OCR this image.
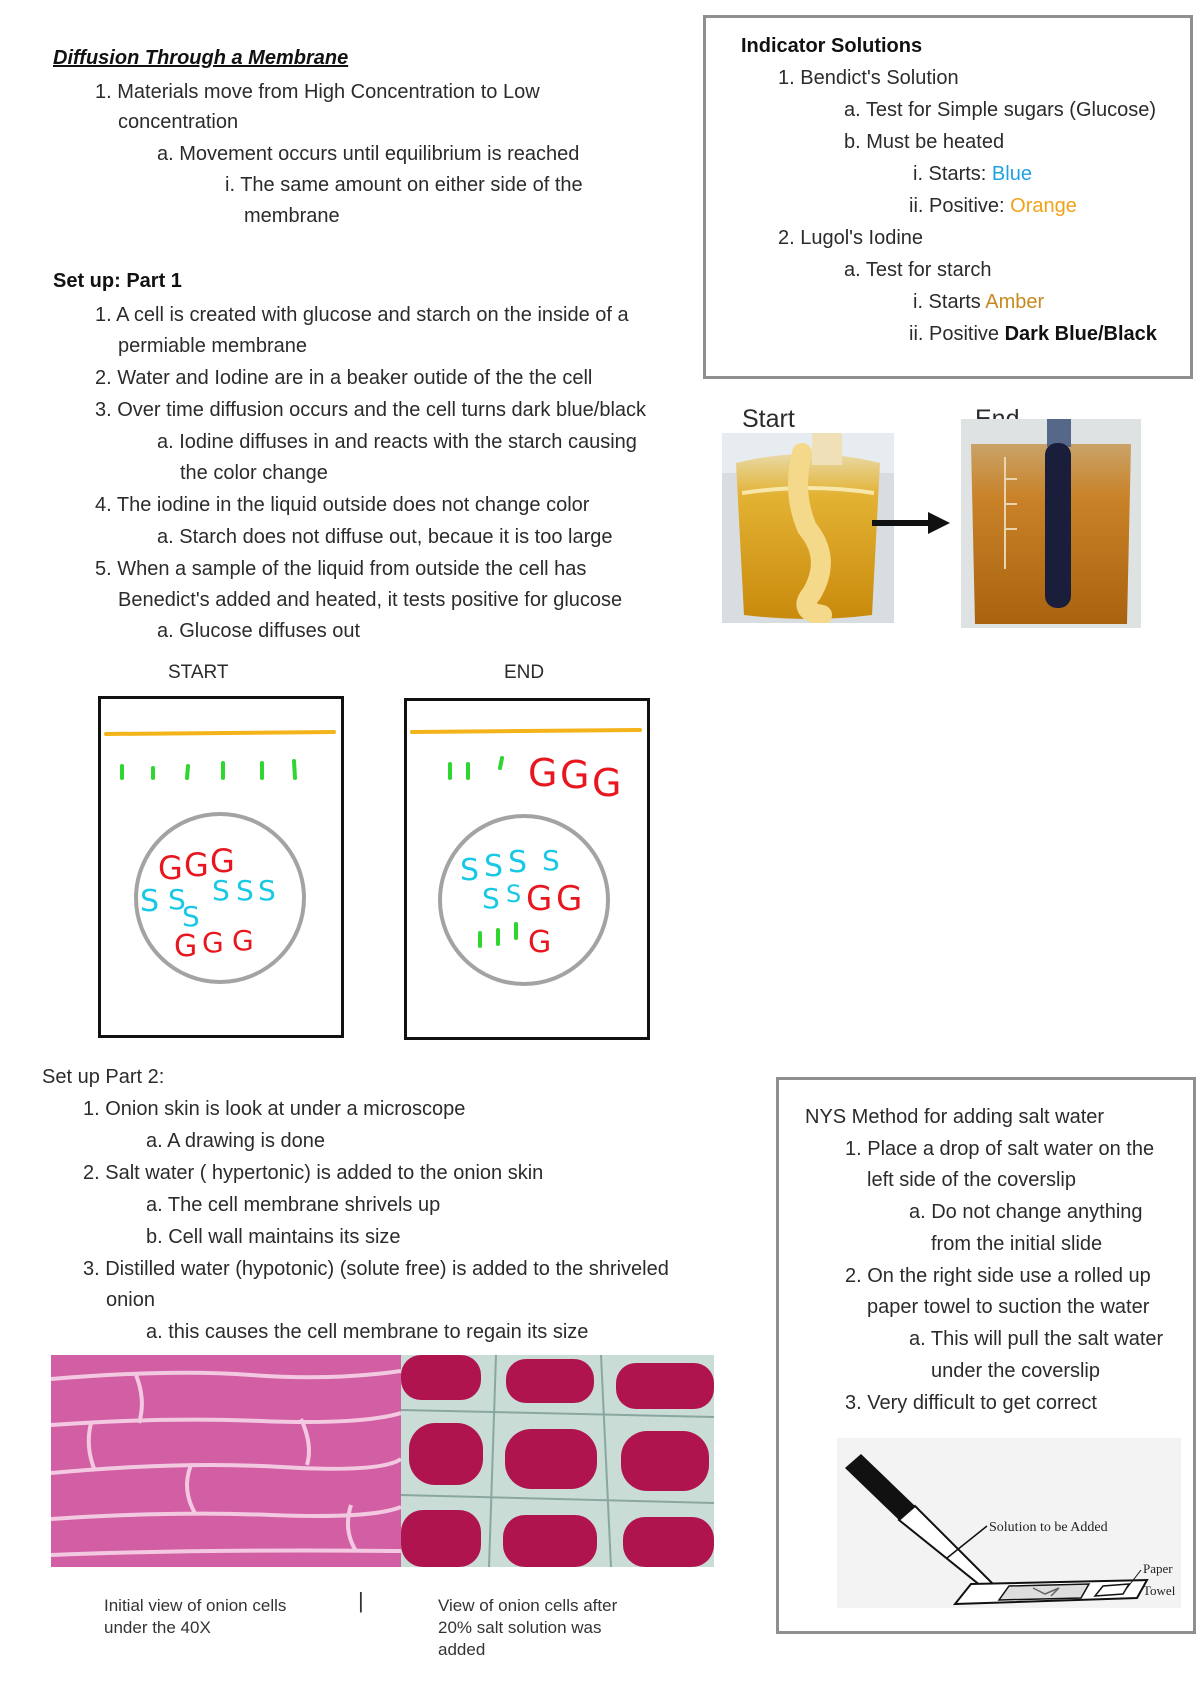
Diffusion Through a Membrane
1. Materials move from High Concentration to Low
concentration
a. Movement occurs until equilibrium is reached
i. The same amount on either side of the
membrane
Set up: Part 1
1. A cell is created with glucose and starch on the inside of a
permiable membrane
2. Water and Iodine are in a beaker outide of the the cell
3. Over time diffusion occurs and the cell turns dark blue/black
a. Iodine diffuses in and reacts with the starch causing
the color change
4. The iodine in the liquid outside does not change color
a. Starch does not diffuse out, becaue it is too large
5. When a sample of the liquid from outside the cell has
Benedict's added and heated, it tests positive for glucose
a. Glucose diffuses out
Indicator Solutions
1. Bendict's Solution
a. Test for Simple sugars (Glucose)
b. Must be heated
i. Starts: Blue
ii. Positive: Orange
2. Lugol's Iodine
a. Test for starch
i. Starts Amber
ii. Positive Dark Blue/Black
Start
START	END
G G G
S S
S
S S S
G G G
G G G
S S S S
S S G G
G
Set up Part 2:
1. Onion skin is look at under a microscope
a. A drawing is done
2. Salt water ( hypertonic) is added to the onion skin
a. The cell membrane shrivels up
b. Cell wall maintains its size
3. Distilled water (hypotonic) (solute free) is added to the shriveled
onion
a. this causes the cell membrane to regain its size
Initial view of onion cells
under the 40X
|	View of onion cells after
20% salt solution was
added
NYS Method for adding salt water
1. Place a drop of salt water on the
left side of the coverslip
a. Do not change anything
from the initial slide
2. On the right side use a rolled up
paper towel to suction the water
a. This will pull the salt water
under the coverslip
3. Very difficult to get correct
Solution to be Added
Paper
Towel
